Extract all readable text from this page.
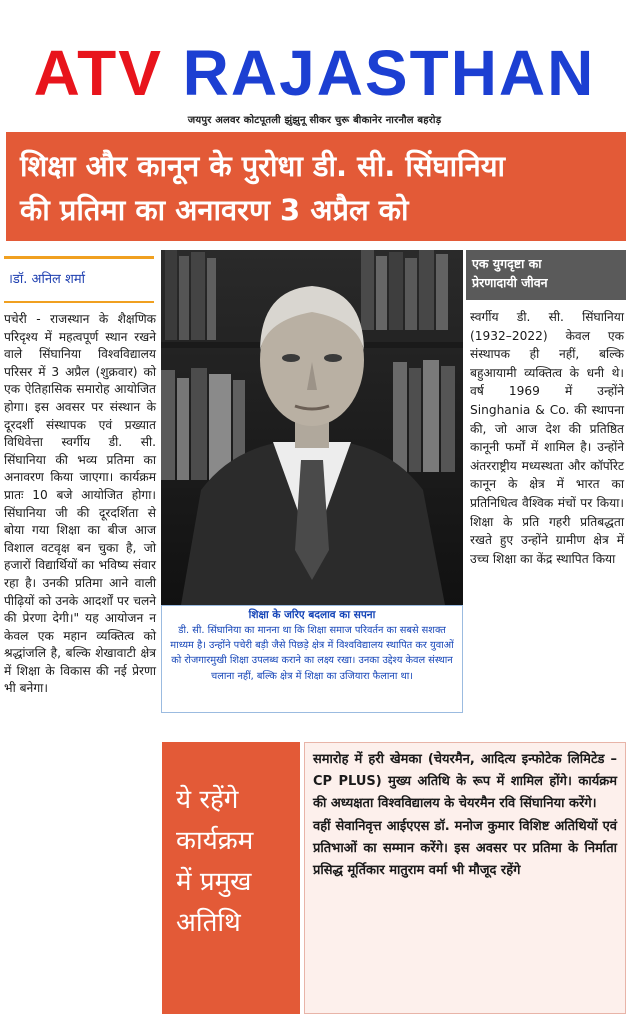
ATV RAJASTHAN
जयपुर अलवर कोटपूतली झुंझुनू सीकर चुरू बीकानेर नारनौल बहरोड़
शिक्षा और कानून के पुरोधा डी. सी. सिंघानिया
की प्रतिमा का अनावरण 3 अप्रैल को
।डॉ. अनिल शर्मा
पचेरी - राजस्थान के शैक्षणिक परिदृश्य में महत्वपूर्ण स्थान रखने वाले सिंघानिया विश्वविद्यालय परिसर में 3 अप्रैल (शुक्रवार) को एक ऐतिहासिक समारोह आयोजित होगा। इस अवसर पर संस्थान के दूरदर्शी संस्थापक एवं प्रख्यात विधिवेत्ता स्वर्गीय डी. सी. सिंघानिया की भव्य प्रतिमा का अनावरण किया जाएगा। कार्यक्रम प्रातः 10 बजे आयोजित होगा। सिंघानिया जी की दूरदर्शिता से बोया गया शिक्षा का बीज आज विशाल वटवृक्ष बन चुका है, जो हजारों विद्यार्थियों का भविष्य संवार रहा है। उनकी प्रतिमा आने वाली पीढ़ियों को उनके आदर्शों पर चलने की प्रेरणा देगी।" यह आयोजन न केवल एक महान व्यक्तित्व को श्रद्धांजलि है, बल्कि शेखावाटी क्षेत्र में शिक्षा के विकास की नई प्रेरणा भी बनेगा।
शिक्षा के जरिए बदलाव का सपना
डी. सी. सिंघानिया का मानना था कि शिक्षा समाज परिवर्तन का सबसे सशक्त माध्यम है। उन्होंने पचेरी बड़ी जैसे पिछड़े क्षेत्र में विश्वविद्यालय स्थापित कर युवाओं को रोजगारमुखी शिक्षा उपलब्ध कराने का लक्ष्य रखा। उनका उद्देश्य केवल संस्थान चलाना नहीं, बल्कि क्षेत्र में शिक्षा का उजियारा फैलाना था।
एक युगदृष्टा का
प्रेरणादायी जीवन
स्वर्गीय डी. सी. सिंघानिया (1932–2022) केवल एक संस्थापक ही नहीं, बल्कि बहुआयामी व्यक्तित्व के धनी थे। वर्ष 1969 में उन्होंने Singhania & Co. की स्थापना की, जो आज देश की प्रतिष्ठित कानूनी फर्मों में शामिल है। उन्होंने अंतरराष्ट्रीय मध्यस्थता और कॉर्पोरेट कानून के क्षेत्र में भारत का प्रतिनिधित्व वैश्विक मंचों पर किया। शिक्षा के प्रति गहरी प्रतिबद्धता रखते हुए उन्होंने ग्रामीण क्षेत्र में उच्च शिक्षा का केंद्र स्थापित किया
ये रहेंगे
कार्यक्रम
में प्रमुख
अतिथि

समारोह में हरी खेमका (चेयरमैन, आदित्य इन्फोटेक लिमिटेड – CP PLUS) मुख्य अतिथि के रूप में शामिल होंगे। कार्यक्रम की अध्यक्षता विश्वविद्यालय के चेयरमैन रवि सिंघानिया करेंगे।

वहीं सेवानिवृत्त आईएएस डॉ. मनोज कुमार विशिष्ट अतिथियों एवं प्रतिभाओं का सम्मान करेंगे। इस अवसर पर प्रतिमा के निर्माता प्रसिद्ध मूर्तिकार मातुराम वर्मा भी मौजूद रहेंगे
